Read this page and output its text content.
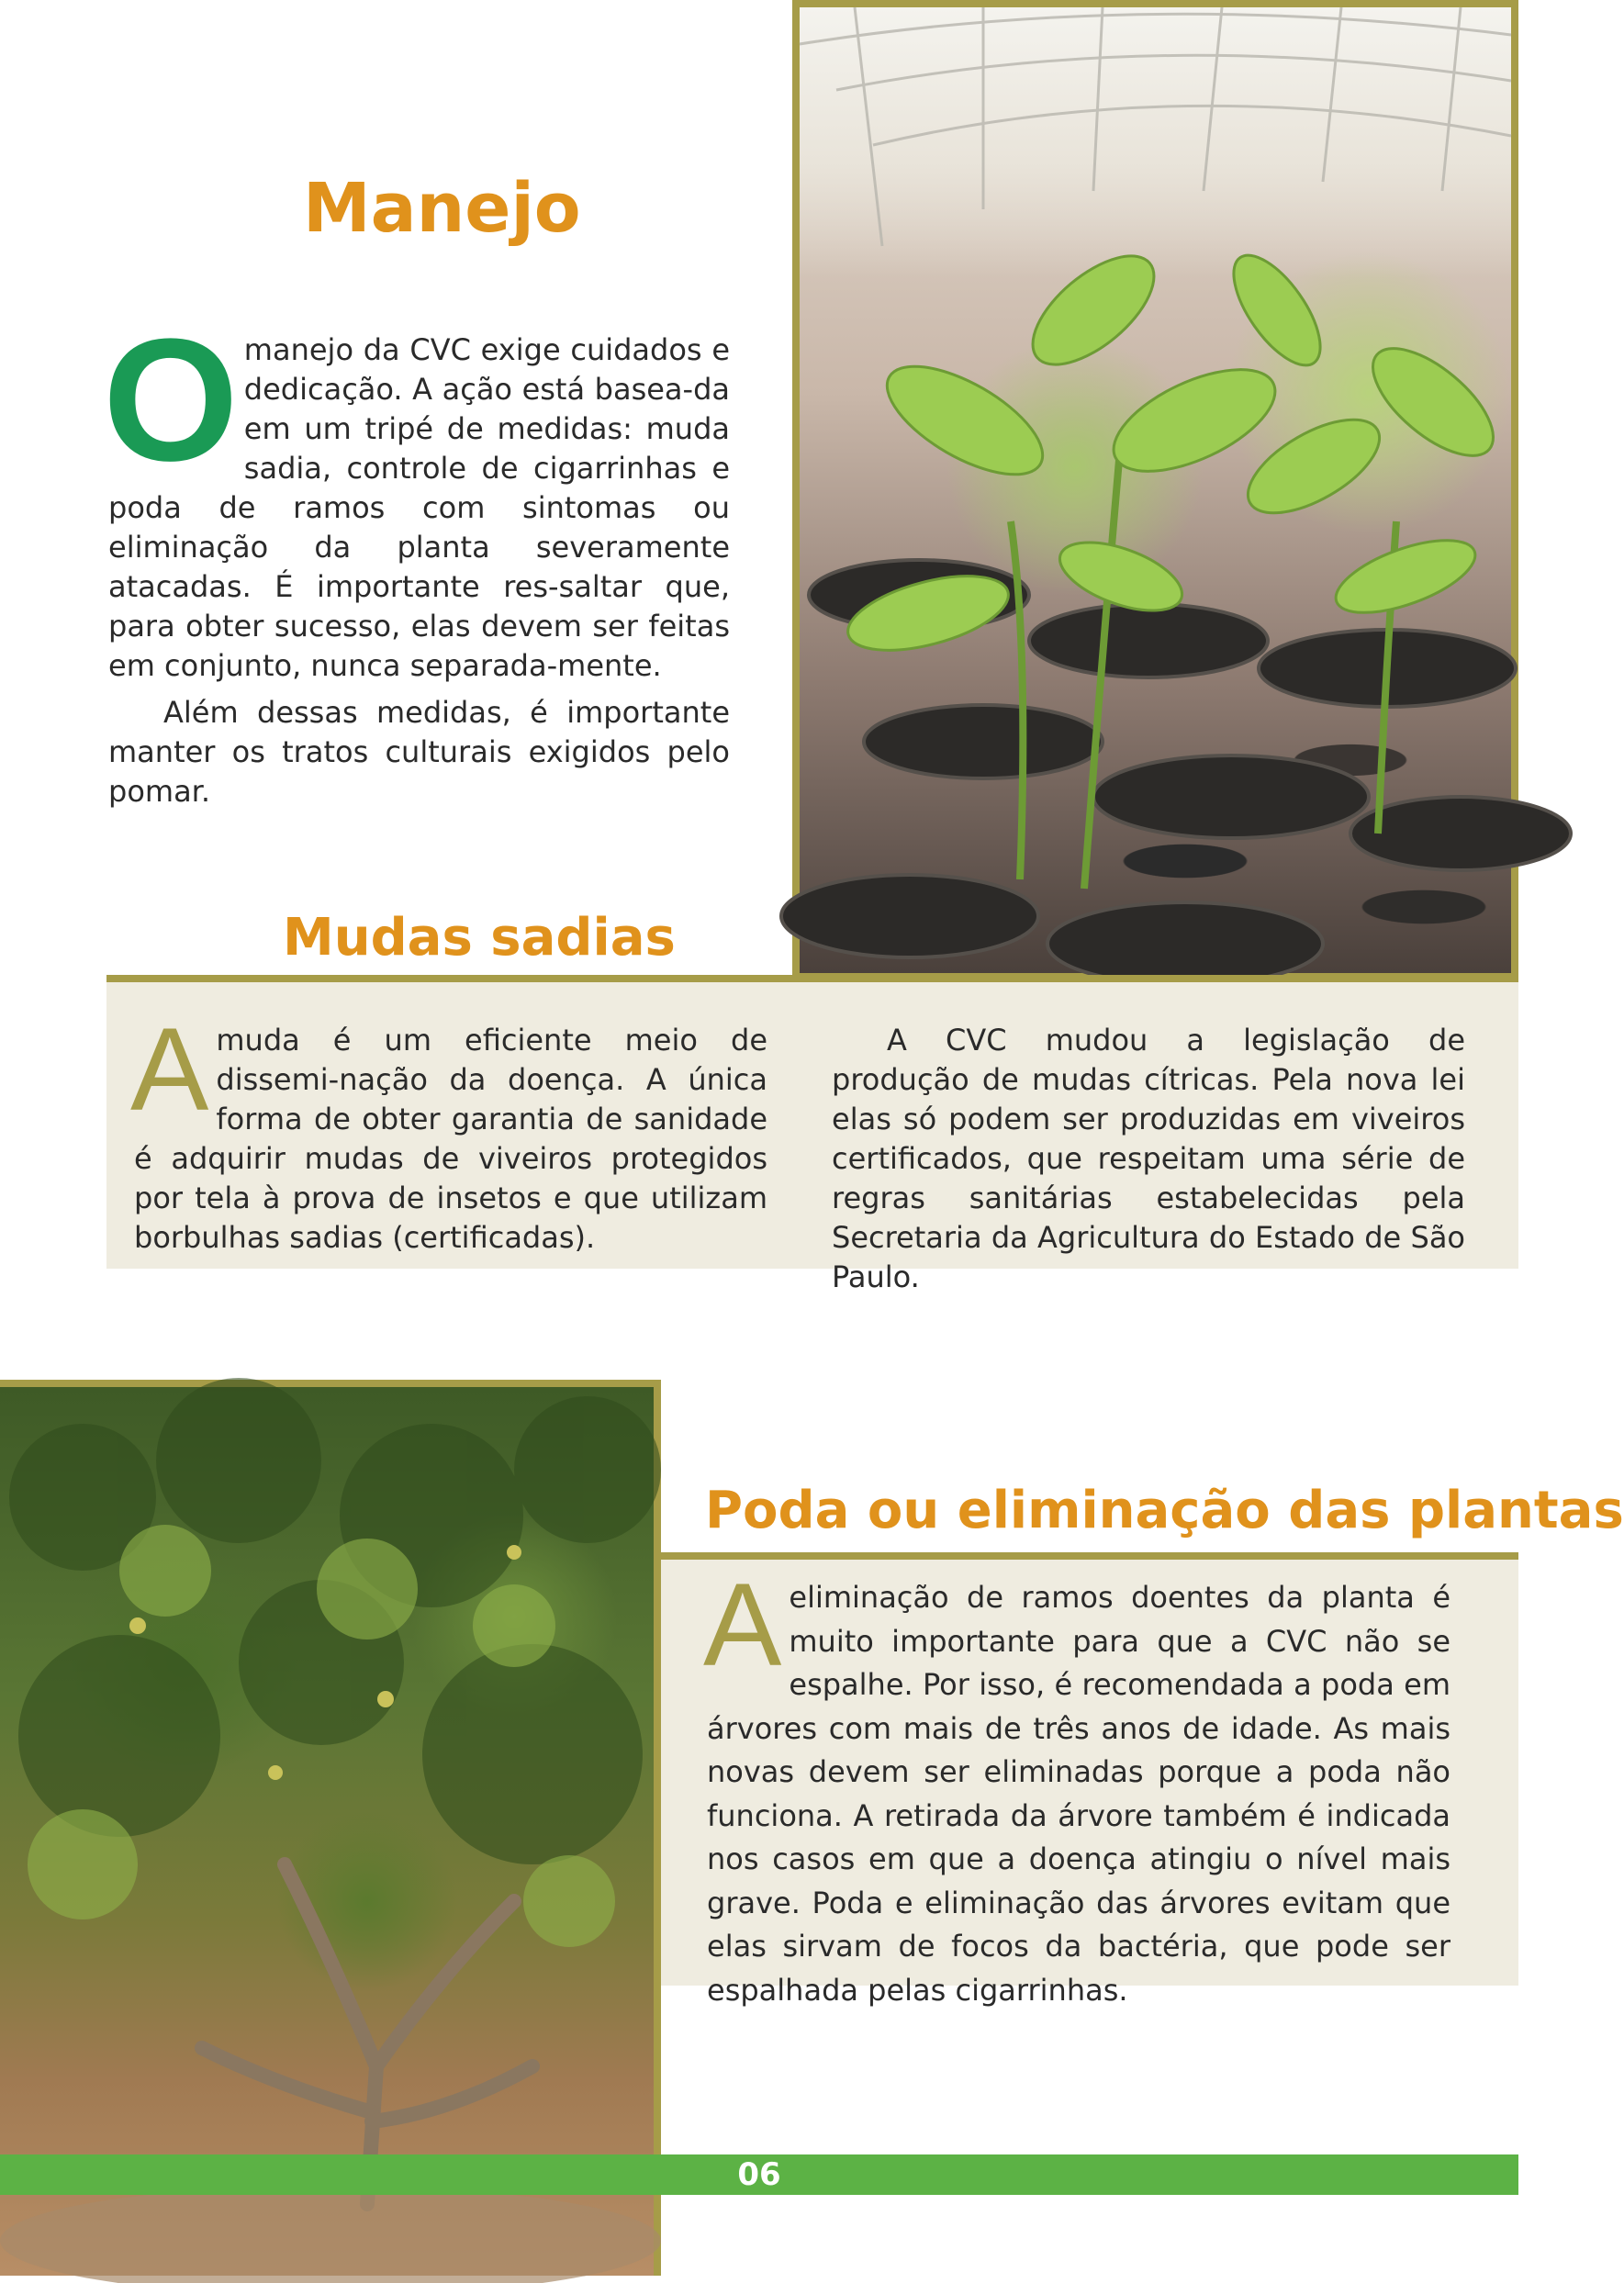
Manejo

O manejo da CVC exige cuidados e dedicação. A ação está basea-da em um tripé de medidas: muda sadia, controle de cigarrinhas e poda de ramos com sintomas ou eliminação da planta severamente atacadas. É importante res-saltar que, para obter sucesso, elas devem ser feitas em conjunto, nunca separada-mente.

Além dessas medidas, é importante manter os tratos culturais exigidos pelo pomar.

Mudas sadias

A muda é um eficiente meio de dissemi-nação da doença. A única forma de obter garantia de sanidade é adquirir mudas de viveiros protegidos por tela à prova de insetos e que utilizam borbulhas sadias (certificadas).

A CVC mudou a legislação de produção de mudas cítricas. Pela nova lei elas só podem ser produzidas em viveiros certificados, que respeitam uma série de regras sanitárias estabelecidas pela Secretaria da Agricultura do Estado de São Paulo.

Poda ou eliminação das plantas

A eliminação de ramos doentes da planta é muito importante para que a CVC não se espalhe. Por isso, é recomendada a poda em árvores com mais de três anos de idade. As mais novas devem ser eliminadas porque a poda não funciona. A retirada da árvore também é indicada nos casos em que a doença atingiu o nível mais grave. Poda e eliminação das árvores evitam que elas sirvam de focos da bactéria, que pode ser espalhada pelas cigarrinhas.

06
